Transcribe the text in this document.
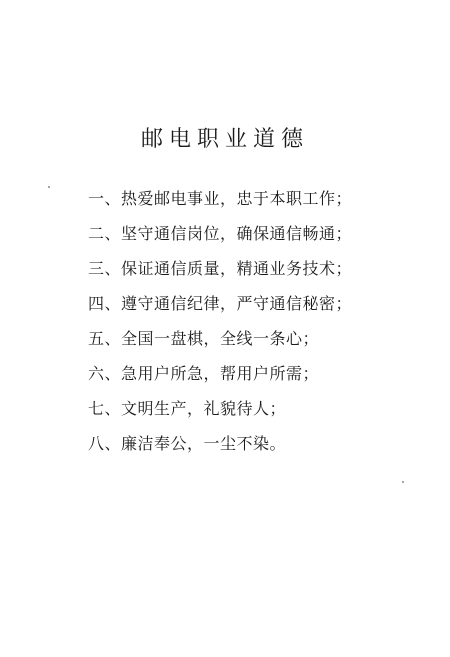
邮电职业道德
一、热爱邮电事业，忠于本职工作；
二、坚守通信岗位，确保通信畅通；
三、保证通信质量，精通业务技术；
四、遵守通信纪律，严守通信秘密；
五、全国一盘棋，全线一条心；
六、急用户所急，帮用户所需；
七、文明生产，礼貌待人；
八、廉洁奉公，一尘不染。
